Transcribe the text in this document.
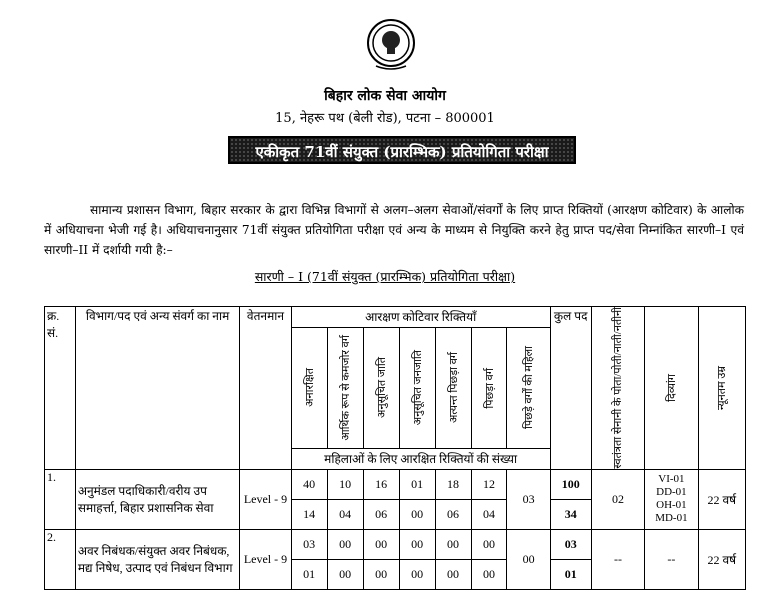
बिहार लोक सेवा आयोग
15, नेहरू पथ (बेली रोड), पटना – 800001
एकीकृत 71वीं संयुक्त (प्रारम्भिक) प्रतियोगिता परीक्षा
सामान्य प्रशासन विभाग, बिहार सरकार के द्वारा विभिन्न विभागों से अलग–अलग सेवाओं/संवर्गों के लिए प्राप्त रिक्तियों (आरक्षण कोटिवार) के आलोक में अधियाचना भेजी गई है। अधियाचनानुसार 71वीं संयुक्त प्रतियोगिता परीक्षा एवं अन्य के माध्यम से नियुक्ति करने हेतु प्राप्त पद/सेवा निम्नांकित सारणी–I एवं सारणी–II में दर्शायी गयी है:–
सारणी – I (71वीं संयुक्त (प्रारम्भिक) प्रतियोगिता परीक्षा)
क्र. सं.	विभाग/पद एवं अन्य संवर्ग का नाम	वेतनमान	आरक्षण कोटिवार रिक्तियाँ							कुल पद	स्वतंत्रता सेनानी के पोता/पोती/नाती/नतीनी	दिव्यांग	न्यूनतम उम्र

			अनारक्षित	आर्थिक रूप से कमजोर वर्ग	अनुसूचित जाति	अनुसूचित जनजाति	अत्यन्त पिछड़ा वर्ग	पिछड़ा वर्ग	पिछड़े वर्गों की महिला				

			महिलाओं के लिए आरक्षित रिक्तियों की संख्या										
1.	अनुमंडल पदाधिकारी/वरीय उप समाहर्त्ता, बिहार प्रशासनिक सेवा	Level - 9	40	10	16	01	18	12	03	100	02	VI-01
DD-01
OH-01
MD-01	22 वर्ष
			14	04	06	00	06	04		34			
2.	अवर निबंधक/संयुक्त अवर निबंधक, मद्य निषेध, उत्पाद एवं निबंधन विभाग	Level - 9	03	00	00	00	00	00	00	03	--	--	22 वर्ष
			01	00	00	00	00	00		01			
